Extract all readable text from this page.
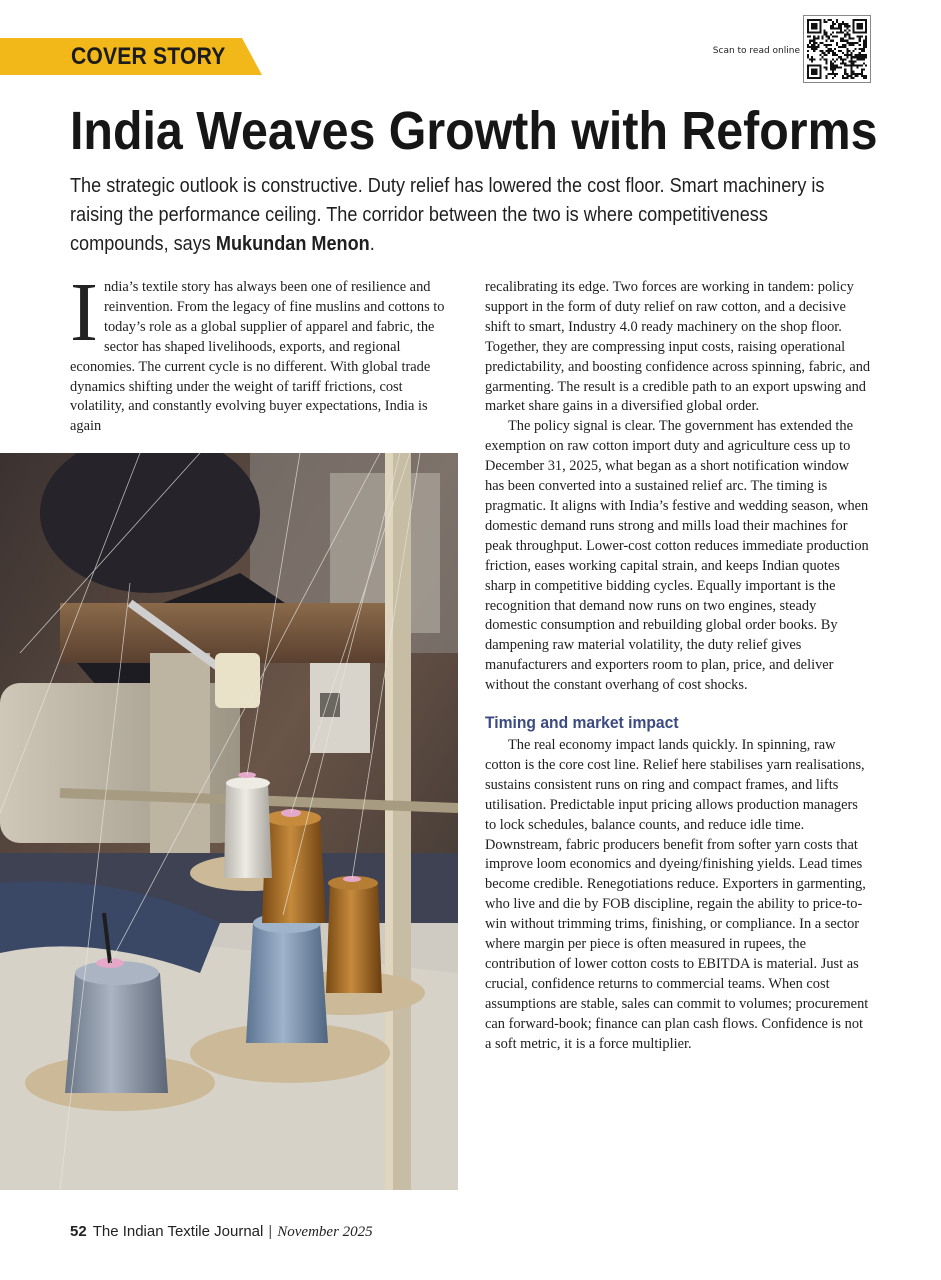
COVER STORY	Scan to read online
India Weaves Growth with Reforms

The strategic outlook is constructive. Duty relief has lowered the cost floor. Smart machinery is raising the performance ceiling. The corridor between the two is where competitiveness compounds, says Mukundan Menon.

India’s textile story has always been one of resilience and reinvention. From the legacy of fine muslins and cottons to today’s role as a global supplier of apparel and fabric, the sector has shaped livelihoods, exports, and regional economies. The current cycle is no different. With global trade dynamics shifting under the weight of tariff frictions, cost volatility, and constantly evolving buyer expectations, India is again

recalibrating its edge. Two forces are working in tandem: policy support in the form of duty relief on raw cotton, and a decisive shift to smart, Industry 4.0 ready machinery on the shop floor. Together, they are compressing input costs, raising operational predictability, and boosting confidence across spinning, fabric, and garmenting. The result is a credible path to an export upswing and market share gains in a diversified global order.

The policy signal is clear. The government has extended the exemption on raw cotton import duty and agriculture cess up to December 31, 2025, what began as a short notification window has been converted into a sustained relief arc. The timing is pragmatic. It aligns with India’s festive and wedding season, when domestic demand runs strong and mills load their machines for peak throughput. Lower-cost cotton reduces immediate production friction, eases working capital strain, and keeps Indian quotes sharp in competitive bidding cycles. Equally important is the recognition that demand now runs on two engines, steady domestic consumption and rebuilding global order books. By dampening raw material volatility, the duty relief gives manufacturers and exporters room to plan, price, and deliver without the constant overhang of cost shocks.

Timing and market impact

The real economy impact lands quickly. In spinning, raw cotton is the core cost line. Relief here stabilises yarn realisations, sustains consistent runs on ring and compact frames, and lifts utilisation. Predictable input pricing allows production managers to lock schedules, balance counts, and reduce idle time. Downstream, fabric producers benefit from softer yarn costs that improve loom economics and dyeing/finishing yields. Lead times become credible. Renegotiations reduce. Exporters in garmenting, who live and die by FOB discipline, regain the ability to price-to-win without trimming trims, finishing, or compliance. In a sector where margin per piece is often measured in rupees, the contribution of lower cotton costs to EBITDA is material. Just as crucial, confidence returns to commercial teams. When cost assumptions are stable, sales can commit to volumes; procurement can forward-book; finance can plan cash flows. Confidence is not a soft metric, it is a force multiplier.

52 The Indian Textile Journal | November 2025
